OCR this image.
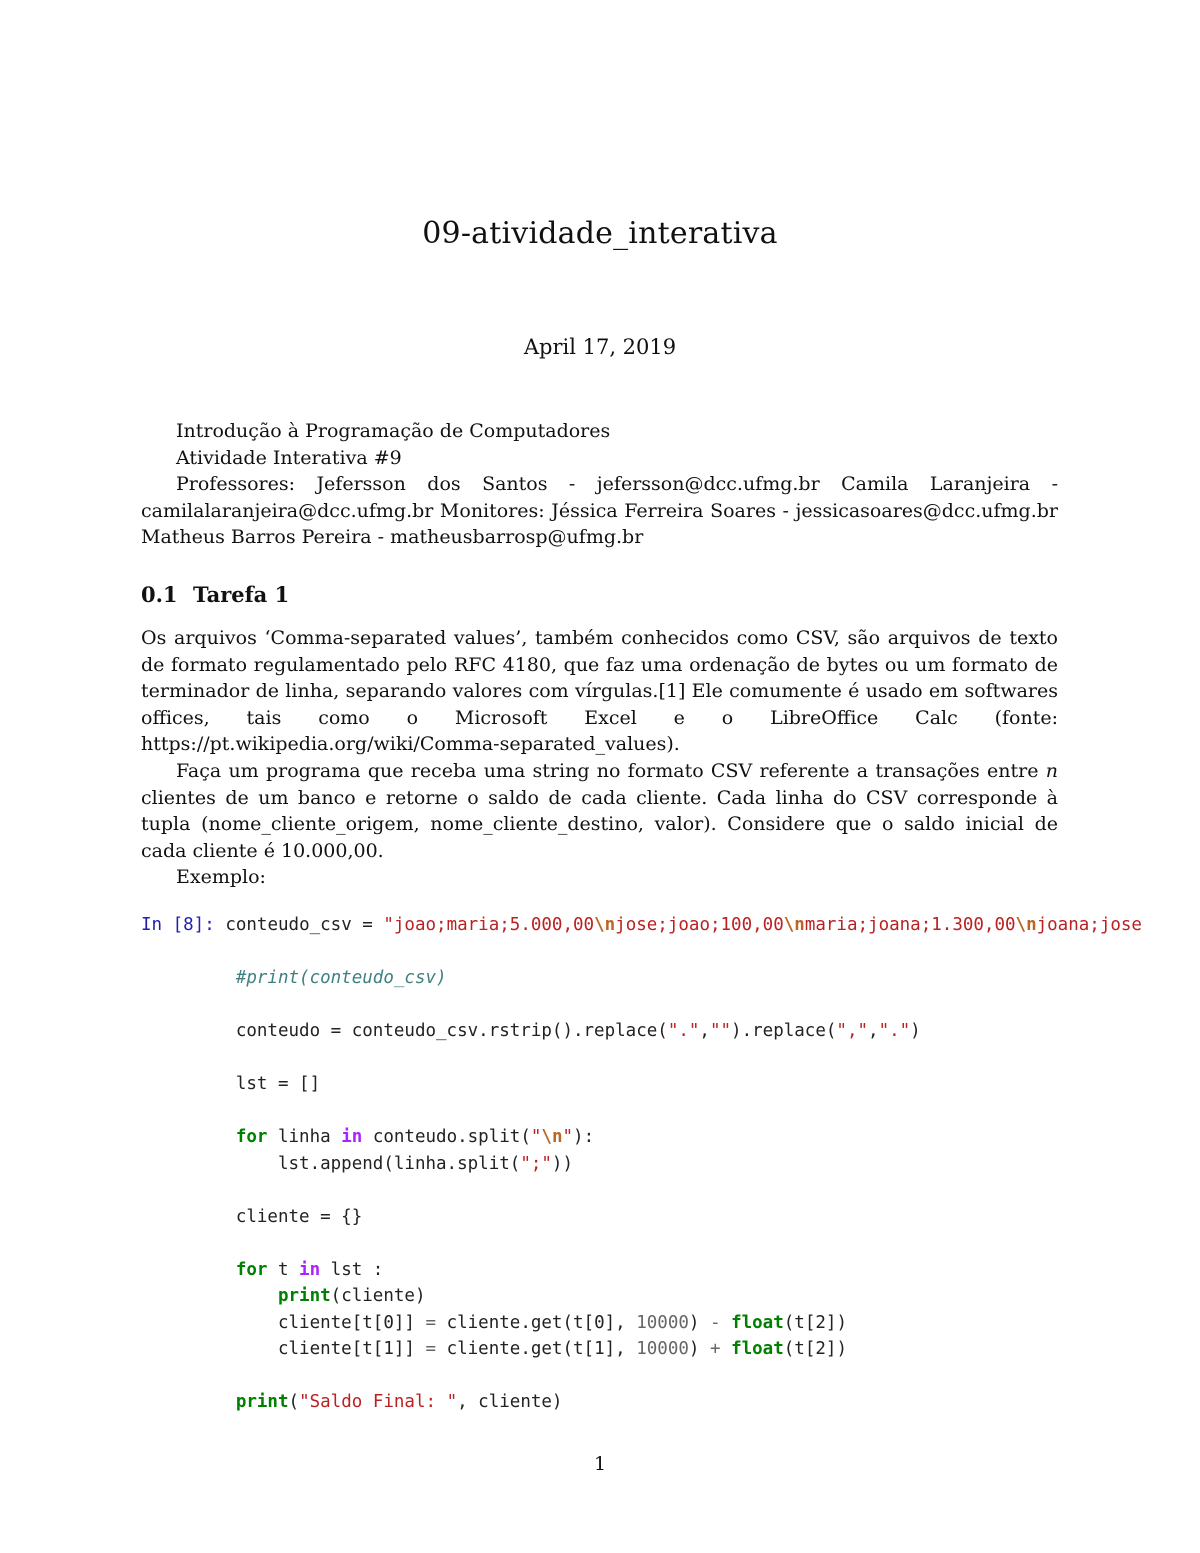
09-atividade_interativa
April 17, 2019
Introdução à Programação de Computadores
Atividade Interativa #9
Professores: Jefersson dos Santos - jefersson@dcc.ufmg.br Camila Laranjeira - camilalaranjeira@dcc.ufmg.br Monitores: Jéssica Ferreira Soares - jessicasoares@dcc.ufmg.br Matheus Barros Pereira - matheusbarrosp@ufmg.br
0.1 Tarefa 1
Os arquivos ‘Comma-separated values’, também conhecidos como CSV, são arquivos de texto de formato regulamentado pelo RFC 4180, que faz uma ordenação de bytes ou um formato de terminador de linha, separando valores com vírgulas.[1] Ele comumente é usado em softwares offices, tais como o Microsoft Excel e o LibreOffice Calc (fonte: https://pt.wikipedia.org/wiki/Comma-separated_values).
Faça um programa que receba uma string no formato CSV referente a transações entre n clientes de um banco e retorne o saldo de cada cliente. Cada linha do CSV corresponde à tupla (nome_cliente_origem, nome_cliente_destino, valor). Considere que o saldo inicial de cada cliente é 10.000,00.
Exemplo:
In [8]: conteudo_csv = "joao;maria;5.000,00\njose;joao;100,00\nmaria;joana;1.300,00\njoana;jose

#print(conteudo_csv)

conteudo = conteudo_csv.rstrip().replace(".","").replace(",",".")

lst = []

for linha in conteudo.split("\n"):
lst.append(linha.split(";"))

cliente = {}

for t in lst :
print(cliente)
cliente[t[0]] = cliente.get(t[0], 10000) - float(t[2])
cliente[t[1]] = cliente.get(t[1], 10000) + float(t[2])

print("Saldo Final: ", cliente)
1
